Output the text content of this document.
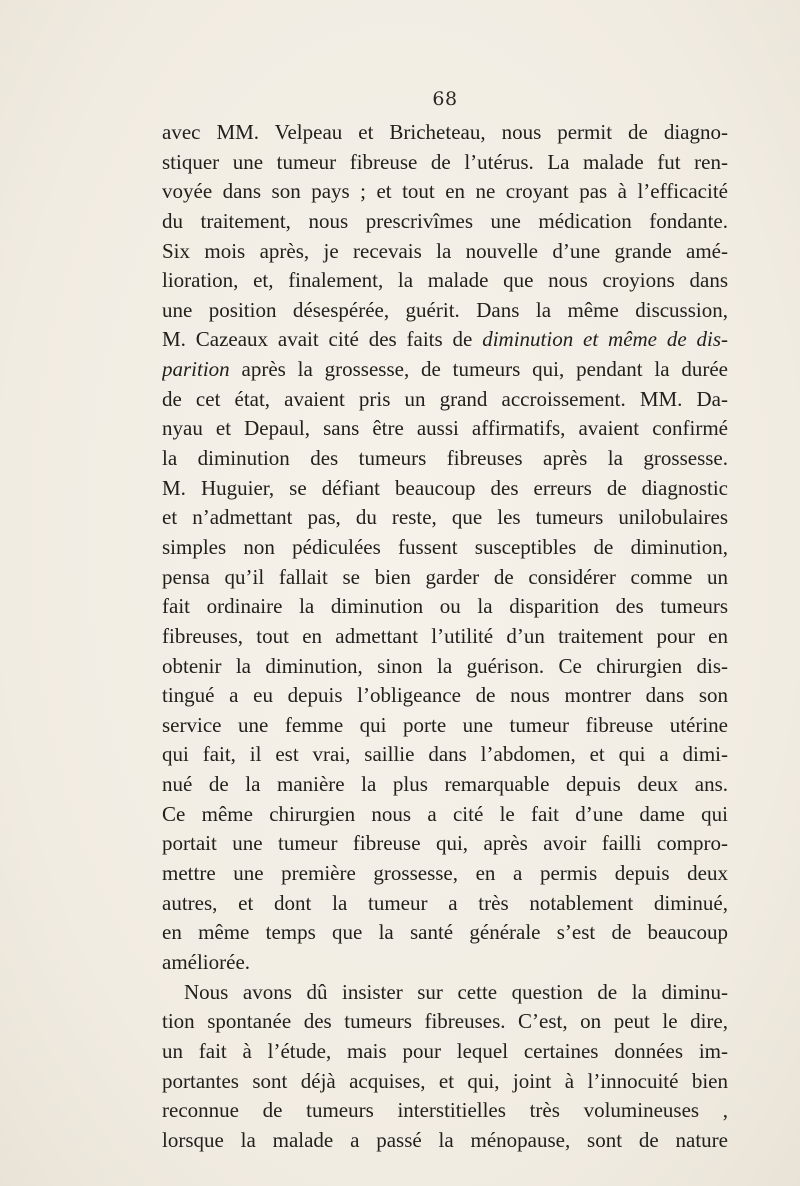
68
avec MM. Velpeau et Bricheteau, nous permit de diagno-
stiquer une tumeur fibreuse de l’utérus. La malade fut ren-
voyée dans son pays ; et tout en ne croyant pas à l’efficacité
du traitement, nous prescrivîmes une médication fondante.
Six mois après, je recevais la nouvelle d’une grande amé-
lioration, et, finalement, la malade que nous croyions dans
une position désespérée, guérit. Dans la même discussion,
M. Cazeaux avait cité des faits de diminution et même de dis-
parition après la grossesse, de tumeurs qui, pendant la durée
de cet état, avaient pris un grand accroissement. MM. Da-
nyau et Depaul, sans être aussi affirmatifs, avaient confirmé
la diminution des tumeurs fibreuses après la grossesse.
M. Huguier, se défiant beaucoup des erreurs de diagnostic
et n’admettant pas, du reste, que les tumeurs unilobulaires
simples non pédiculées fussent susceptibles de diminution,
pensa qu’il fallait se bien garder de considérer comme un
fait ordinaire la diminution ou la disparition des tumeurs
fibreuses, tout en admettant l’utilité d’un traitement pour en
obtenir la diminution, sinon la guérison. Ce chirurgien dis-
tingué a eu depuis l’obligeance de nous montrer dans son
service une femme qui porte une tumeur fibreuse utérine
qui fait, il est vrai, saillie dans l’abdomen, et qui a dimi-
nué de la manière la plus remarquable depuis deux ans.
Ce même chirurgien nous a cité le fait d’une dame qui
portait une tumeur fibreuse qui, après avoir failli compro-
mettre une première grossesse, en a permis depuis deux
autres, et dont la tumeur a très notablement diminué,
en même temps que la santé générale s’est de beaucoup
améliorée.
Nous avons dû insister sur cette question de la diminu-
tion spontanée des tumeurs fibreuses. C’est, on peut le dire,
un fait à l’étude, mais pour lequel certaines données im-
portantes sont déjà acquises, et qui, joint à l’innocuité bien
reconnue de tumeurs interstitielles très volumineuses ,
lorsque la malade a passé la ménopause, sont de nature
